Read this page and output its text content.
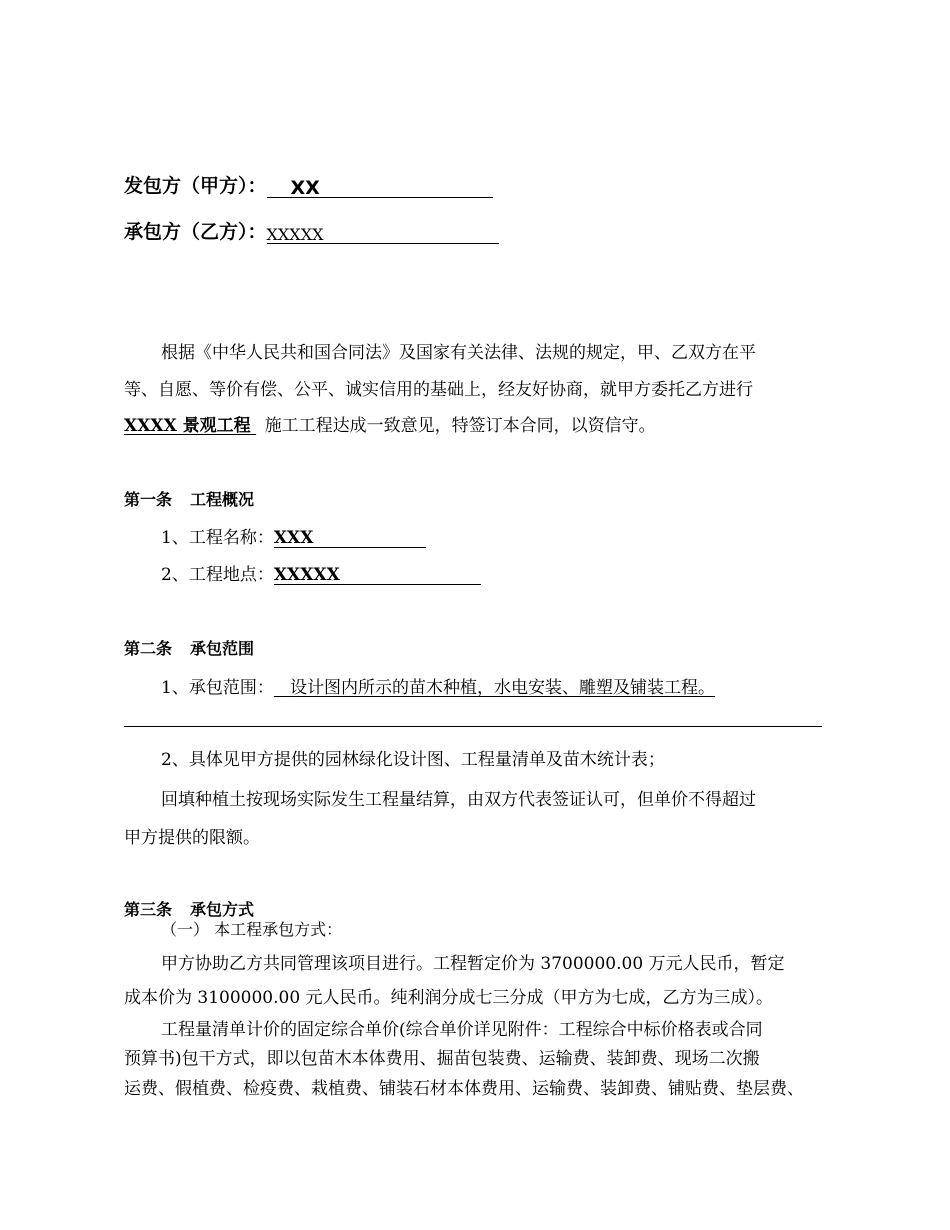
发包方（甲方）： XX
承包方（乙方）：XXXXX
根据《中华人民共和国合同法》及国家有关法律、法规的规定，甲、乙双方在平
等、自愿、等价有偿、公平、诚实信用的基础上，经友好协商，就甲方委托乙方进行
XXXX 景观工程 施工工程达成一致意见，特签订本合同，以资信守。
第一条 工程概况
1、工程名称：XXX
2、工程地点：XXXXX
第二条 承包范围
1、承包范围： 设计图内所示的苗木种植，水电安装、雕塑及铺装工程。
2、具体见甲方提供的园林绿化设计图、工程量清单及苗木统计表；
回填种植土按现场实际发生工程量结算，由双方代表签证认可，但单价不得超过
甲方提供的限额。
第三条 承包方式
（一） 本工程承包方式：
甲方协助乙方共同管理该项目进行。工程暂定价为 3700000.00 万元人民币，暂定
成本价为 3100000.00 元人民币。纯利润分成七三分成（甲方为七成，乙方为三成）。
工程量清单计价的固定综合单价(综合单价详见附件：工程综合中标价格表或合同
预算书)包干方式，即以包苗木本体费用、掘苗包装费、运输费、装卸费、现场二次搬
运费、假植费、检疫费、栽植费、铺装石材本体费用、运输费、装卸费、铺贴费、垫层费、
